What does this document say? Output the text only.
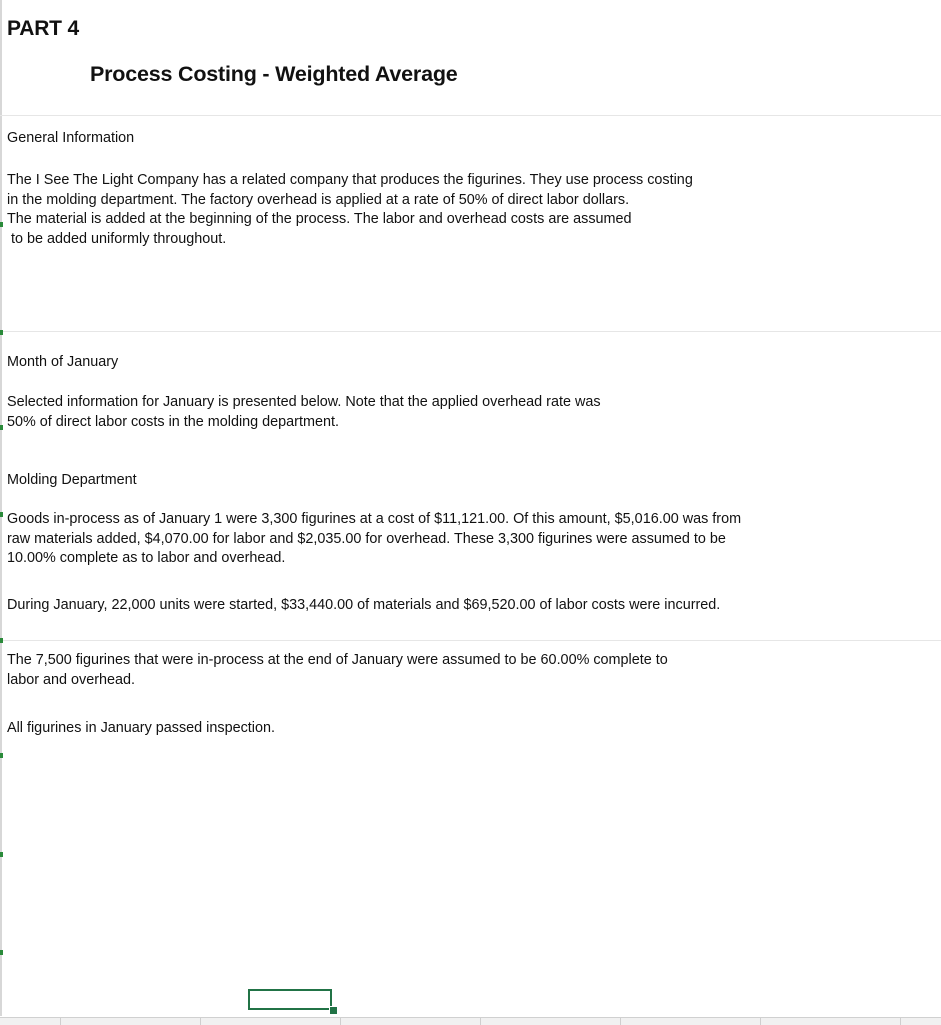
PART 4
Process Costing - Weighted Average
General Information
The I See The Light Company has a related company that produces the figurines. They use process costing
in the molding department. The factory overhead is applied at a rate of 50% of direct labor dollars.
The material is added at the beginning of the process. The labor and overhead costs are assumed
to be added uniformly throughout.
Month of January
Selected information for January is presented below. Note that the applied overhead rate was
50% of direct labor costs in the molding department.
Molding Department
Goods in-process as of January 1 were 3,300 figurines at a cost of $11,121.00. Of this amount, $5,016.00 was from
raw materials added, $4,070.00 for labor and $2,035.00 for overhead. These 3,300 figurines were assumed to be
10.00% complete as to labor and overhead.
During January, 22,000 units were started, $33,440.00 of materials and $69,520.00 of labor costs were incurred.
The 7,500 figurines that were in-process at the end of January were assumed to be 60.00% complete to
labor and overhead.
All figurines in January passed inspection.
